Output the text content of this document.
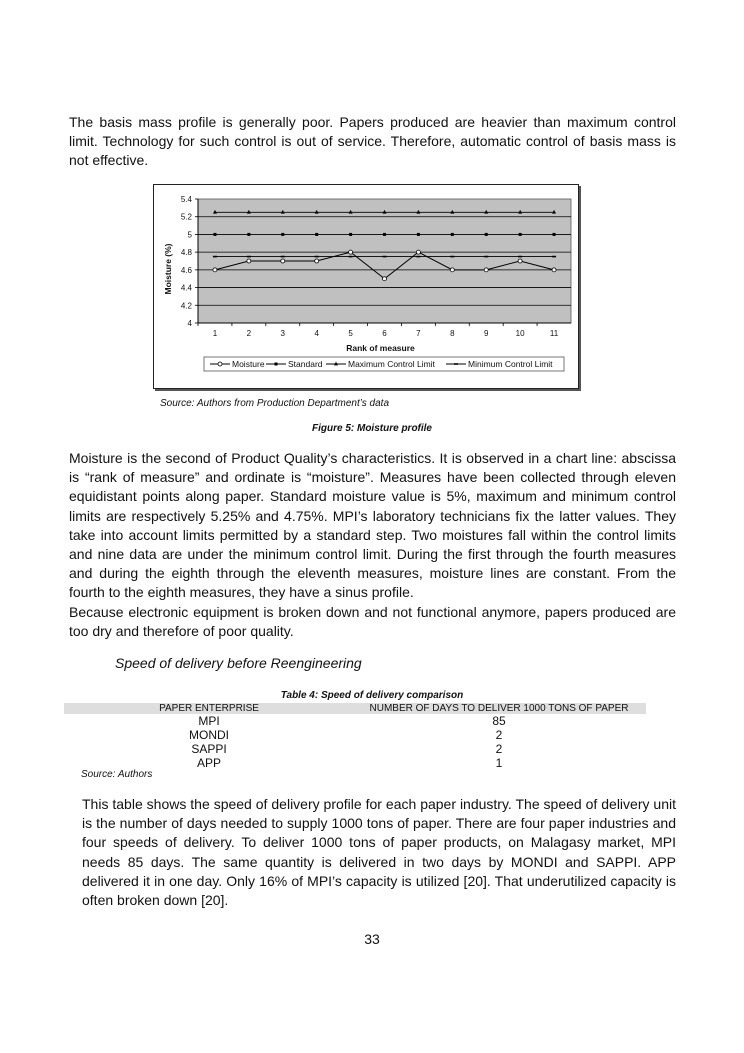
The basis mass profile is generally poor. Papers produced are heavier than maximum control limit. Technology for such control is out of service. Therefore, automatic control of basis mass is not effective.
4
4.2
4.4
4.6
4.8
5
5.2
5.4
1	2	3	4	5	6	7	8	9	10	11
Rank of measure
Moisture (%)
Moisture	Standard	Maximum Control Limit	Minimum Control Limit
Source: Authors from Production Department’s data
Figure 5: Moisture profile
Moisture is the second of Product Quality’s characteristics. It is observed in a chart line: abscissa is “rank of measure” and ordinate is “moisture”. Measures have been collected through eleven equidistant points along paper. Standard moisture value is 5%, maximum and minimum control limits are respectively 5.25% and 4.75%. MPI’s laboratory technicians fix the latter values. They take into account limits permitted by a standard step. Two moistures fall within the control limits and nine data are under the minimum control limit. During the first through the fourth measures and during the eighth through the eleventh measures, moisture lines are constant. From the fourth to the eighth measures, they have a sinus profile.
Because electronic equipment is broken down and not functional anymore, papers produced are too dry and therefore of poor quality.
Speed of delivery before Reengineering
Table 4: Speed of delivery comparison
PAPER ENTERPRISE	NUMBER OF DAYS TO DELIVER 1000 TONS OF PAPER
MPI	85
MONDI	2
SAPPI	2
APP	1
Source: Authors
This table shows the speed of delivery profile for each paper industry. The speed of delivery unit is the number of days needed to supply 1000 tons of paper. There are four paper industries and four speeds of delivery. To deliver 1000 tons of paper products, on Malagasy market, MPI needs 85 days. The same quantity is delivered in two days by MONDI and SAPPI. APP delivered it in one day. Only 16% of MPI’s capacity is utilized [20]. That underutilized capacity is often broken down [20].
33
